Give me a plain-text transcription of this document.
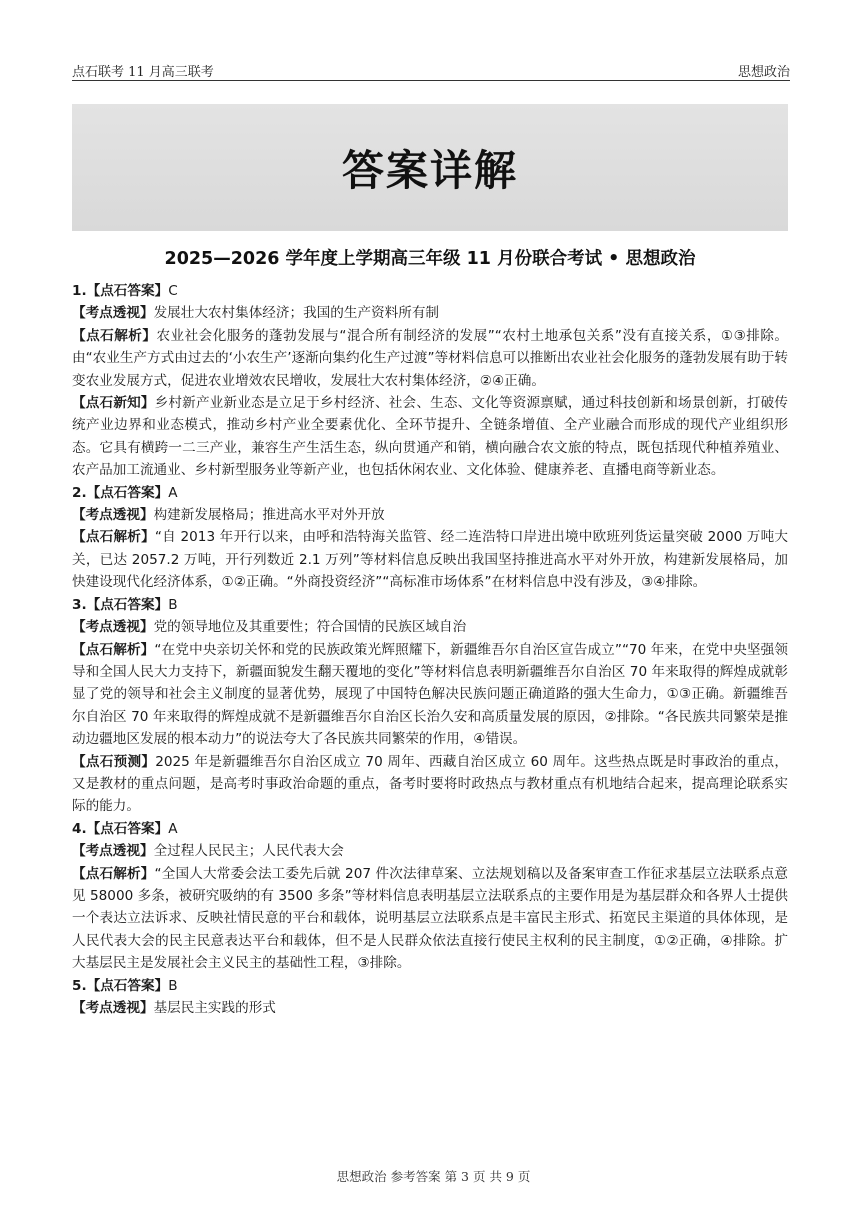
点石联考 11 月高三联考	思想政治
答案详解
2025—2026 学年度上学期高三年级 11 月份联合考试 • 思想政治

1.【点石答案】C

【考点透视】发展壮大农村集体经济；我国的生产资料所有制

【点石解析】农业社会化服务的蓬勃发展与“混合所有制经济的发展”“农村土地承包关系”没有直接关系，①③排除。由“农业生产方式由过去的‘小农生产’逐渐向集约化生产过渡”等材料信息可以推断出农业社会化服务的蓬勃发展有助于转变农业发展方式，促进农业增效农民增收，发展壮大农村集体经济，②④正确。

【点石新知】乡村新产业新业态是立足于乡村经济、社会、生态、文化等资源禀赋，通过科技创新和场景创新，打破传统产业边界和业态模式，推动乡村产业全要素优化、全环节提升、全链条增值、全产业融合而形成的现代产业组织形态。它具有横跨一二三产业，兼容生产生活生态，纵向贯通产和销，横向融合农文旅的特点，既包括现代种植养殖业、农产品加工流通业、乡村新型服务业等新产业，也包括休闲农业、文化体验、健康养老、直播电商等新业态。

2.【点石答案】A

【考点透视】构建新发展格局；推进高水平对外开放

【点石解析】“自 2013 年开行以来，由呼和浩特海关监管、经二连浩特口岸进出境中欧班列货运量突破 2000 万吨大关，已达 2057.2 万吨，开行列数近 2.1 万列”等材料信息反映出我国坚持推进高水平对外开放，构建新发展格局，加快建设现代化经济体系，①②正确。“外商投资经济”“高标准市场体系”在材料信息中没有涉及，③④排除。

3.【点石答案】B

【考点透视】党的领导地位及其重要性；符合国情的民族区域自治

【点石解析】“在党中央亲切关怀和党的民族政策光辉照耀下，新疆维吾尔自治区宣告成立”“70 年来，在党中央坚强领导和全国人民大力支持下，新疆面貌发生翻天覆地的变化”等材料信息表明新疆维吾尔自治区 70 年来取得的辉煌成就彰显了党的领导和社会主义制度的显著优势，展现了中国特色解决民族问题正确道路的强大生命力，①③正确。新疆维吾尔自治区 70 年来取得的辉煌成就不是新疆维吾尔自治区长治久安和高质量发展的原因，②排除。“各民族共同繁荣是推动边疆地区发展的根本动力”的说法夸大了各民族共同繁荣的作用，④错误。

【点石预测】2025 年是新疆维吾尔自治区成立 70 周年、西藏自治区成立 60 周年。这些热点既是时事政治的重点，又是教材的重点问题，是高考时事政治命题的重点，备考时要将时政热点与教材重点有机地结合起来，提高理论联系实际的能力。

4.【点石答案】A

【考点透视】全过程人民民主；人民代表大会

【点石解析】“全国人大常委会法工委先后就 207 件次法律草案、立法规划稿以及备案审查工作征求基层立法联系点意见 58000 多条，被研究吸纳的有 3500 多条”等材料信息表明基层立法联系点的主要作用是为基层群众和各界人士提供一个表达立法诉求、反映社情民意的平台和载体，说明基层立法联系点是丰富民主形式、拓宽民主渠道的具体体现，是人民代表大会的民主民意表达平台和载体，但不是人民群众依法直接行使民主权利的民主制度，①②正确，④排除。扩大基层民主是发展社会主义民主的基础性工程，③排除。

5.【点石答案】B

【考点透视】基层民主实践的形式

思想政治 参考答案 第 3 页 共 9 页
